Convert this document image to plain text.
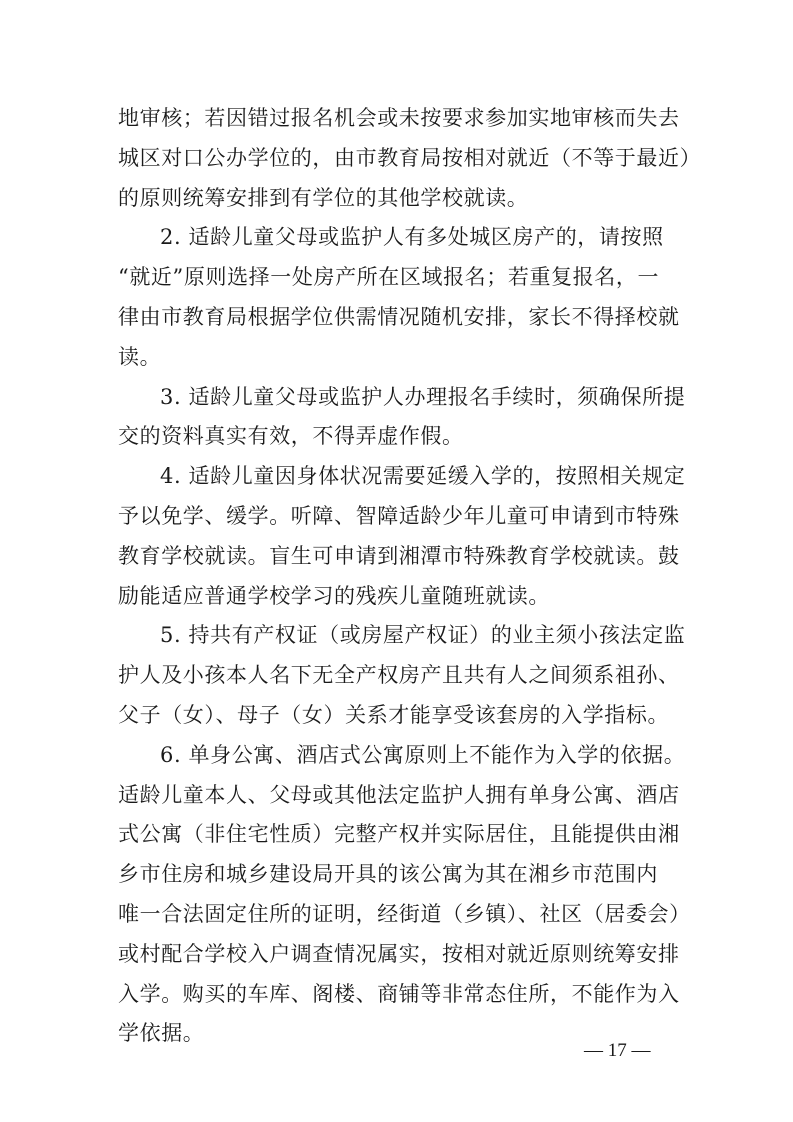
地审核；若因错过报名机会或未按要求参加实地审核而失去
城区对口公办学位的，由市教育局按相对就近（不等于最近）
的原则统筹安排到有学位的其他学校就读。
2. 适龄儿童父母或监护人有多处城区房产的，请按照
“就近”原则选择一处房产所在区域报名；若重复报名，一
律由市教育局根据学位供需情况随机安排，家长不得择校就
读。
3. 适龄儿童父母或监护人办理报名手续时，须确保所提
交的资料真实有效，不得弄虚作假。
4. 适龄儿童因身体状况需要延缓入学的，按照相关规定
予以免学、缓学。听障、智障适龄少年儿童可申请到市特殊
教育学校就读。盲生可申请到湘潭市特殊教育学校就读。鼓
励能适应普通学校学习的残疾儿童随班就读。
5. 持共有产权证（或房屋产权证）的业主须小孩法定监
护人及小孩本人名下无全产权房产且共有人之间须系祖孙、
父子（女）、母子（女）关系才能享受该套房的入学指标。
6. 单身公寓、酒店式公寓原则上不能作为入学的依据。
适龄儿童本人、父母或其他法定监护人拥有单身公寓、酒店
式公寓（非住宅性质）完整产权并实际居住，且能提供由湘
乡市住房和城乡建设局开具的该公寓为其在湘乡市范围内
唯一合法固定住所的证明，经街道（乡镇）、社区（居委会）
或村配合学校入户调查情况属实，按相对就近原则统筹安排
入学。购买的车库、阁楼、商铺等非常态住所，不能作为入
学依据。
— 17 —
